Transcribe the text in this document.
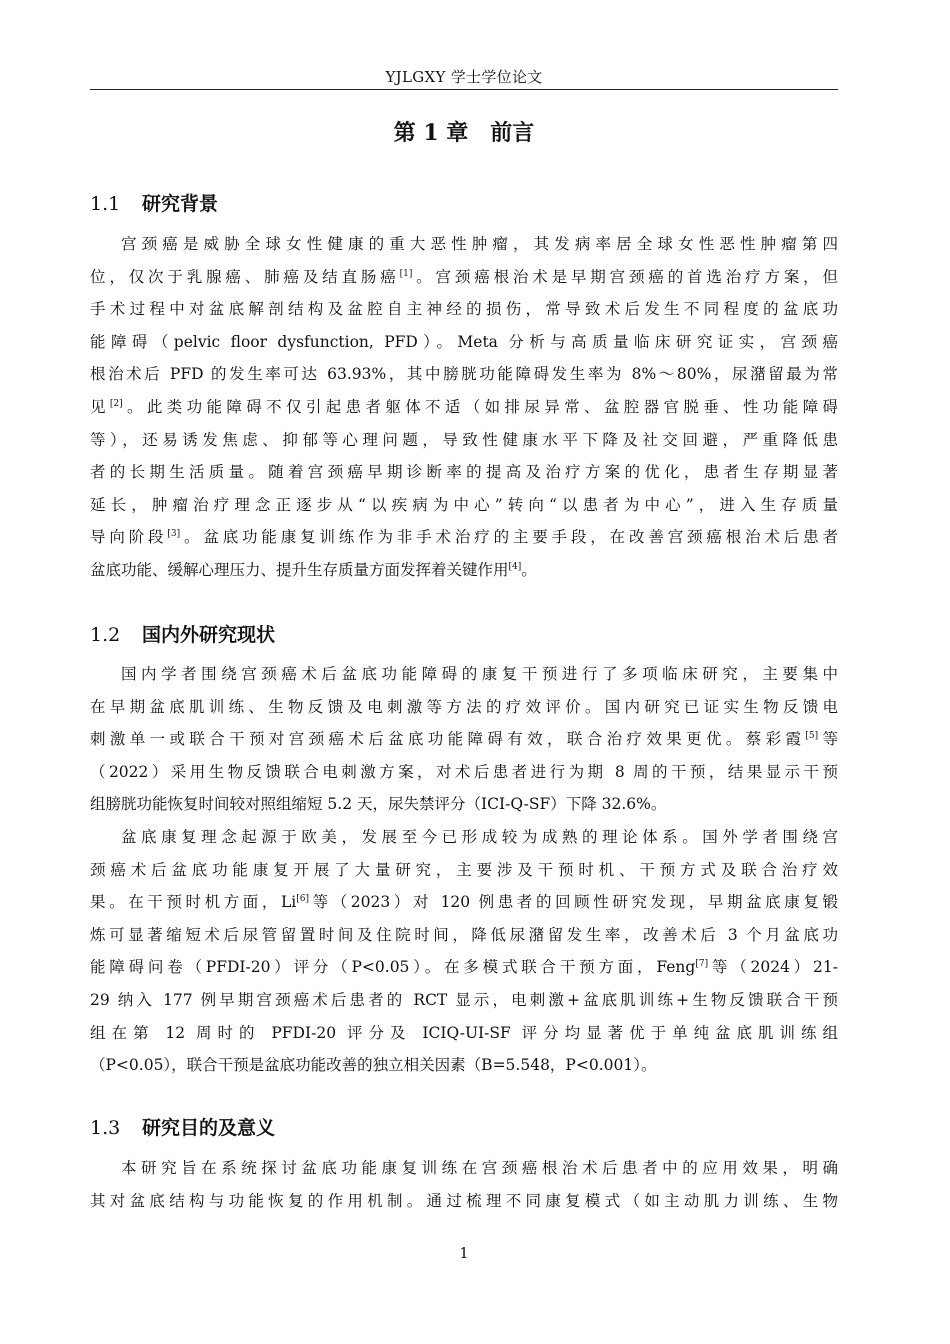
YJLGXY 学士学位论文
第 1 章　前言
1.1 研究背景
宫颈癌是威胁全球女性健康的重大恶性肿瘤，其发病率居全球女性恶性肿瘤第四
位，仅次于乳腺癌、肺癌及结直肠癌[1]。宫颈癌根治术是早期宫颈癌的首选治疗方案，但
手术过程中对盆底解剖结构及盆腔自主神经的损伤，常导致术后发生不同程度的盆底功
能障碍（pelvic floor dysfunction, PFD）。Meta 分析与高质量临床研究证实，宫颈癌
根治术后 PFD 的发生率可达 63.93%，其中膀胱功能障碍发生率为 8%～80%，尿潴留最为常
见[2]。此类功能障碍不仅引起患者躯体不适（如排尿异常、盆腔器官脱垂、性功能障碍
等），还易诱发焦虑、抑郁等心理问题，导致性健康水平下降及社交回避，严重降低患
者的长期生活质量。随着宫颈癌早期诊断率的提高及治疗方案的优化，患者生存期显著
延长，肿瘤治疗理念正逐步从“以疾病为中心”转向“以患者为中心”，进入生存质量
导向阶段[3]。盆底功能康复训练作为非手术治疗的主要手段，在改善宫颈癌根治术后患者
盆底功能、缓解心理压力、提升生存质量方面发挥着关键作用[4]。
1.2 国内外研究现状
国内学者围绕宫颈癌术后盆底功能障碍的康复干预进行了多项临床研究，主要集中
在早期盆底肌训练、生物反馈及电刺激等方法的疗效评价。国内研究已证实生物反馈电
刺激单一或联合干预对宫颈癌术后盆底功能障碍有效，联合治疗效果更优。蔡彩霞[5]等
（2022）采用生物反馈联合电刺激方案，对术后患者进行为期 8 周的干预，结果显示干预
组膀胱功能恢复时间较对照组缩短 5.2 天，尿失禁评分（ICI-Q-SF）下降 32.6%。
盆底康复理念起源于欧美，发展至今已形成较为成熟的理论体系。国外学者围绕宫
颈癌术后盆底功能康复开展了大量研究，主要涉及干预时机、干预方式及联合治疗效
果。在干预时机方面，Li[6]等（2023）对 120 例患者的回顾性研究发现，早期盆底康复锻
炼可显著缩短术后尿管留置时间及住院时间，降低尿潴留发生率，改善术后 3 个月盆底功
能障碍问卷（PFDI-20）评分（P<0.05）。在多模式联合干预方面，Feng[7]等（2024）21-
29 纳入 177 例早期宫颈癌术后患者的 RCT 显示，电刺激+盆底肌训练+生物反馈联合干预
组在第 12 周时的 PFDI-20 评分及 ICIQ-UI-SF 评分均显著优于单纯盆底肌训练组
（P<0.05），联合干预是盆底功能改善的独立相关因素（B=5.548，P<0.001）。
1.3 研究目的及意义
本研究旨在系统探讨盆底功能康复训练在宫颈癌根治术后患者中的应用效果，明确
其对盆底结构与功能恢复的作用机制。通过梳理不同康复模式（如主动肌力训练、生物
1
